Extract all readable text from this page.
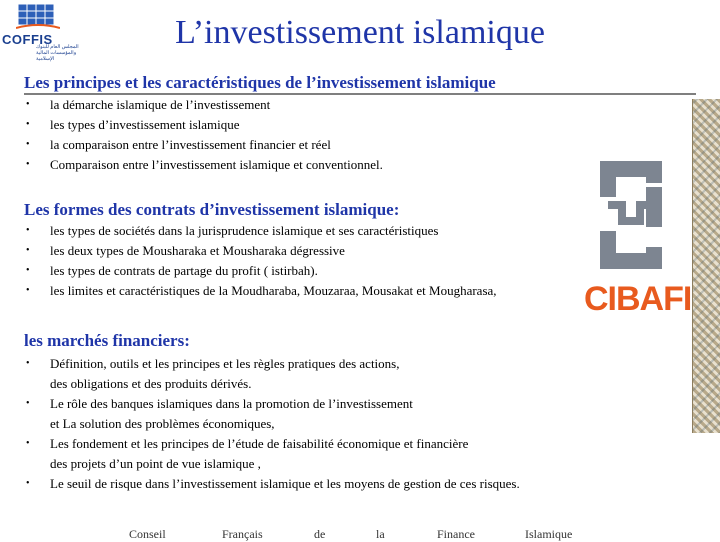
COFFIS
المجلس العام للبنوك والمؤسسات المالية الإسلامية
L’investissement islamique
Les principes et les caractéristiques de l’investissement islamique
• la démarche islamique de l’investissement
• les types d’investissement islamique
• la comparaison entre l’investissement financier et réel
• Comparaison entre l’investissement islamique et conventionnel.
Les formes des contrats d’investissement islamique:
• les types de sociétés dans la jurisprudence islamique et ses caractéristiques
• les deux types de Mousharaka et Mousharaka dégressive
• les types de contrats de partage du profit ( istirbah).
• les limites et caractéristiques de la Moudharaba, Mouzaraa, Mousakat et Mougharasa,
les marchés financiers:
• Définition, outils et les principes et les règles pratiques des actions,
des obligations et des produits dérivés.
• Le rôle des banques islamiques dans la promotion de l’investissement
et La solution des problèmes économiques,
• Les fondement et les principes de l’étude de faisabilité économique et financière
des projets d’un point de vue islamique ,
• Le seuil de risque dans l’investissement islamique et les moyens de gestion de ces risques.
CIBAFI
Conseil	Français	de	la	Finance	Islamique
